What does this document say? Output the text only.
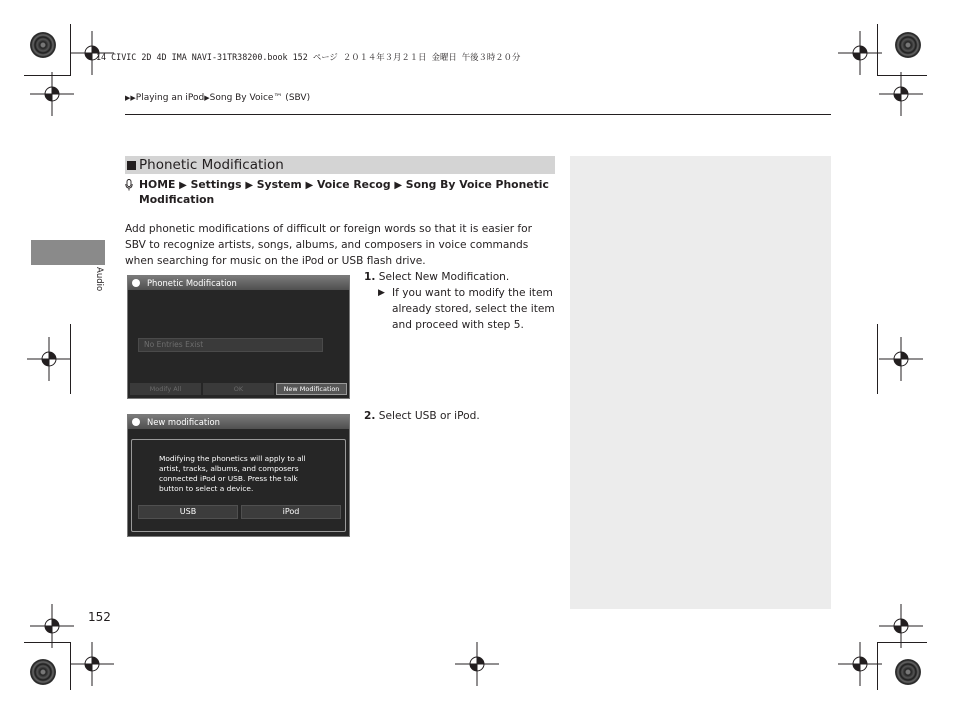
14 CIVIC 2D 4D IMA NAVI-31TR38200.book 152 ページ ２０１４年３月２１日 金曜日 午後３時２０分
▶▶Playing an iPod▶Song By Voice™ (SBV)
Audio
Phonetic Modification
HOME ▶ Settings ▶ System ▶ Voice Recog ▶ Song By Voice Phonetic
Modification
Add phonetic modifications of difficult or foreign words so that it is easier for SBV to recognize artists, songs, albums, and composers in voice commands when searching for music on the iPod or USB flash drive.
Phonetic Modification
No Entries Exist
Modify All	OK	New Modification
1. Select New Modification.
▶ If you want to modify the item
already stored, select the item
and proceed with step 5.
New modification
Modifying the phonetics will apply to all
artist, tracks, albums, and composers
connected iPod or USB. Press the talk
button to select a device.
USB	iPod
2. Select USB or iPod.
152
